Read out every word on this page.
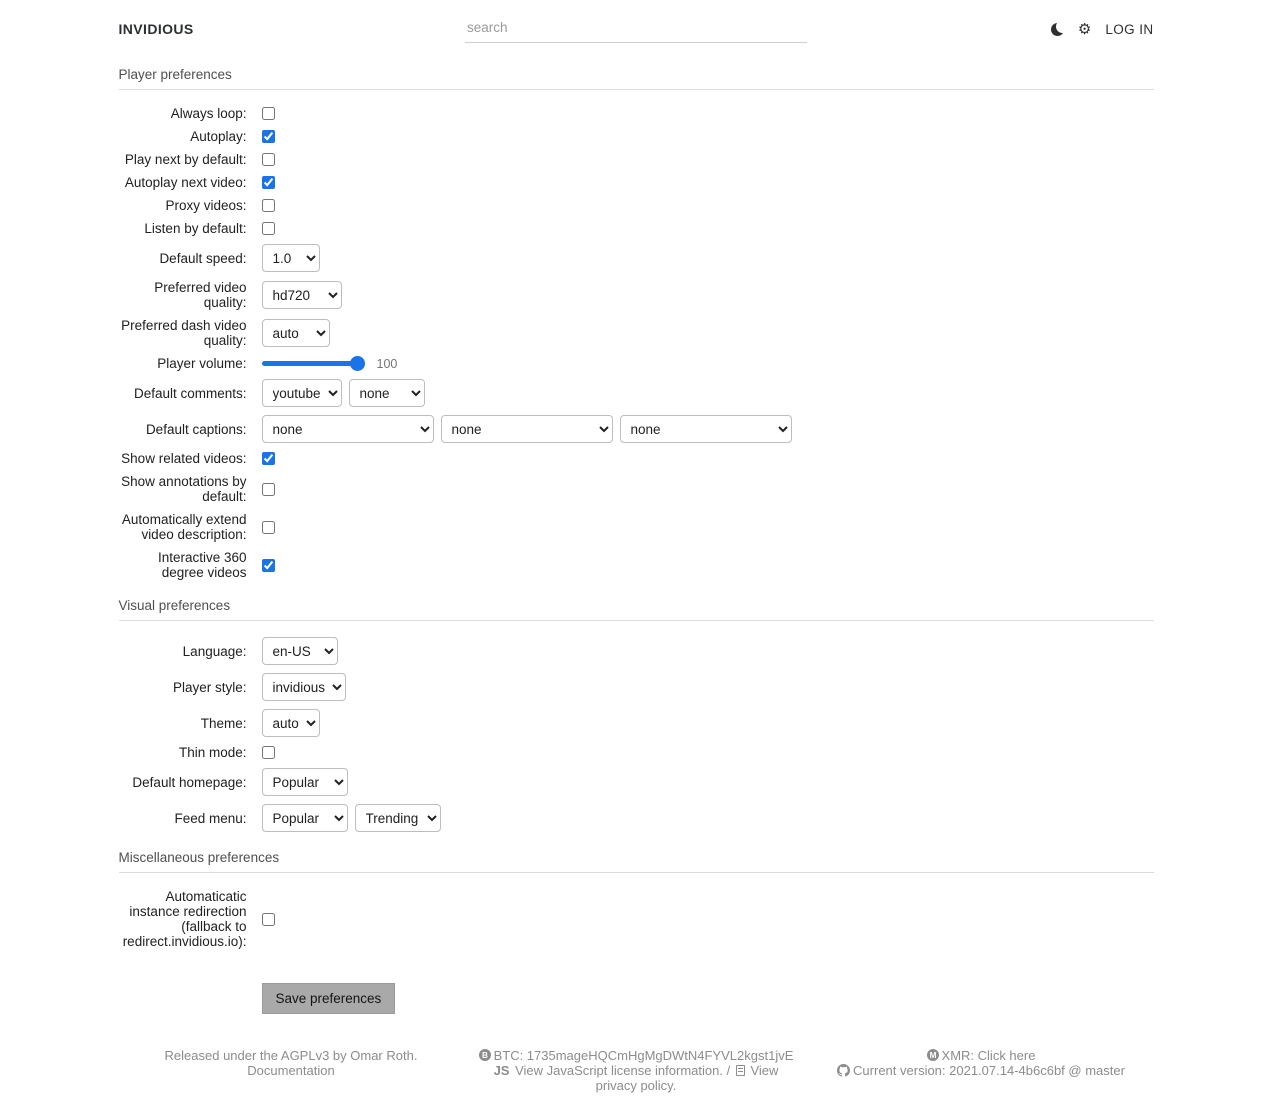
INVIDIOUS
search	⚙ LOG IN
Player preferences
Always loop:
Autoplay:
Play next by default:
Autoplay next video:
Proxy videos:
Listen by default:
Default speed:
1.0
Preferred video quality:
hd720
Preferred dash video quality:
auto
Player volume:	100
Default comments:
youtube
none
Default captions:
none
none
none
Show related videos:
Show annotations by default:
Automatically extend video description:
Interactive 360 degree videos
Visual preferences
Language:
en-US
Player style:
invidious
Theme:
auto
Thin mode:
Default homepage:
Popular
Feed menu:
Popular
Trending
Miscellaneous preferences
Automaticatic instance redirection (fallback to redirect.invidious.io):
Save preferences
Released under the AGPLv3 by Omar Roth.
Documentation
B BTC: 1735mageHQCmHgMgDWtN4FYVL2kgst1jvE
JS View JavaScript license information. / View privacy policy.
M XMR: Click here
Current version: 2021.07.14-4b6c6bf @ master
